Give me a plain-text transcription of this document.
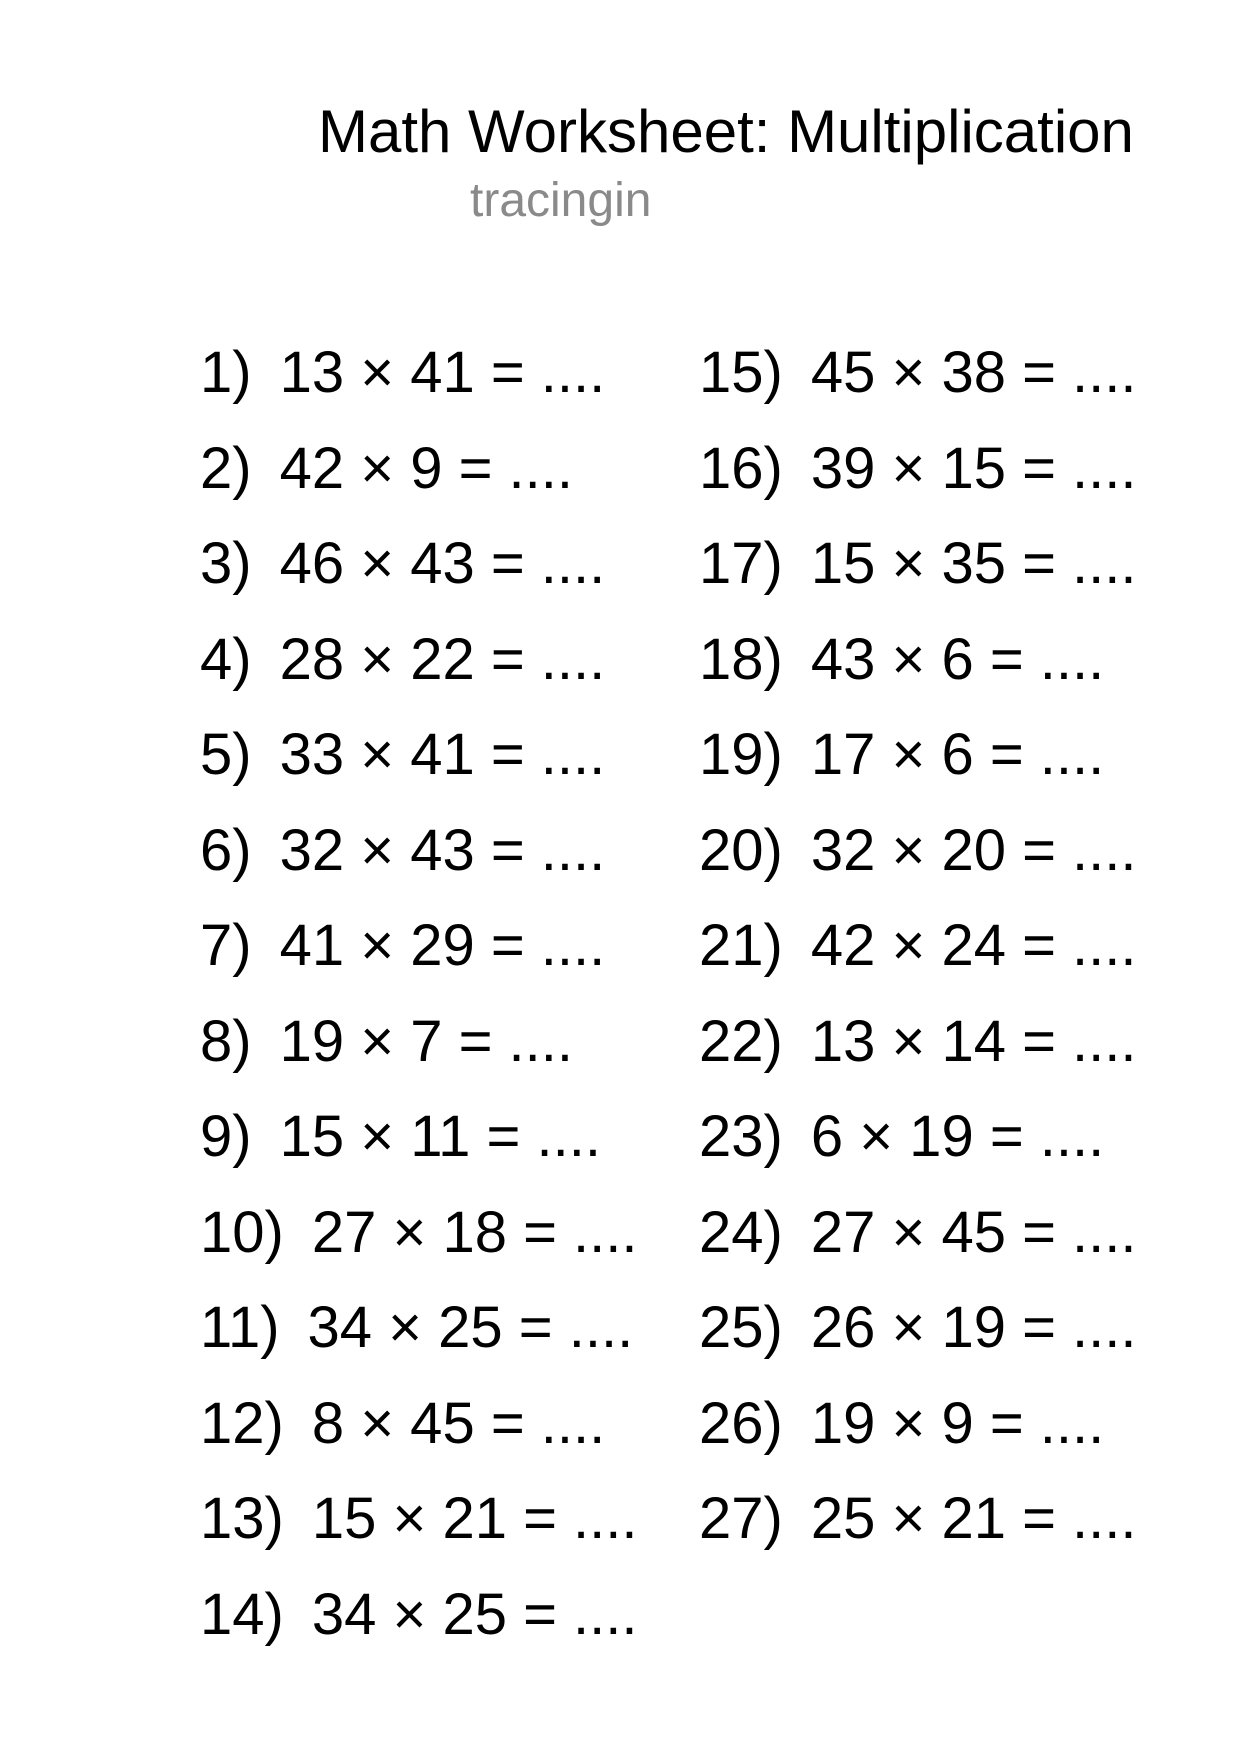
Math Worksheet: Multiplication
tracingin
1) 13 × 41 = ....
2) 42 × 9 = ....
3) 46 × 43 = ....
4) 28 × 22 = ....
5) 33 × 41 = ....
6) 32 × 43 = ....
7) 41 × 29 = ....
8) 19 × 7 = ....
9) 15 × 11 = ....
10) 27 × 18 = ....
11) 34 × 25 = ....
12) 8 × 45 = ....
13) 15 × 21 = ....
14) 34 × 25 = ....
15) 45 × 38 = ....
16) 39 × 15 = ....
17) 15 × 35 = ....
18) 43 × 6 = ....
19) 17 × 6 = ....
20) 32 × 20 = ....
21) 42 × 24 = ....
22) 13 × 14 = ....
23) 6 × 19 = ....
24) 27 × 45 = ....
25) 26 × 19 = ....
26) 19 × 9 = ....
27) 25 × 21 = ....
